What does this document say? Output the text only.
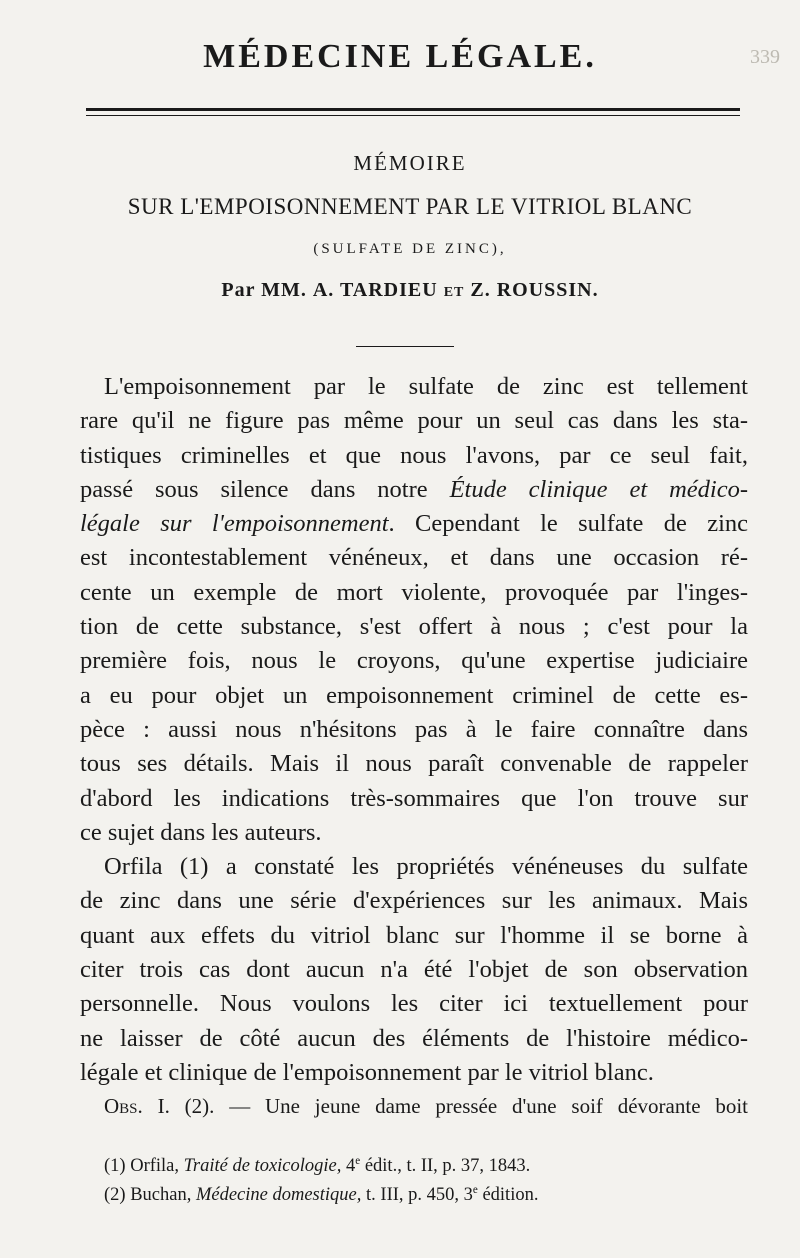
MÉDECINE LÉGALE.	339
MÉMOIRE
SUR L'EMPOISONNEMENT PAR LE VITRIOL BLANC
(SULFATE DE ZINC),
Par MM. A. TARDIEU et Z. ROUSSIN.
L'empoisonnement par le sulfate de zinc est tellement
rare qu'il ne figure pas même pour un seul cas dans les sta-
tistiques criminelles et que nous l'avons, par ce seul fait,
passé sous silence dans notre Étude clinique et médico-
légale sur l'empoisonnement. Cependant le sulfate de zinc
est incontestablement vénéneux, et dans une occasion ré-
cente un exemple de mort violente, provoquée par l'inges-
tion de cette substance, s'est offert à nous ; c'est pour la
première fois, nous le croyons, qu'une expertise judiciaire
a eu pour objet un empoisonnement criminel de cette es-
pèce : aussi nous n'hésitons pas à le faire connaître dans
tous ses détails. Mais il nous paraît convenable de rappeler
d'abord les indications très-sommaires que l'on trouve sur
ce sujet dans les auteurs.
Orfila (1) a constaté les propriétés vénéneuses du sulfate
de zinc dans une série d'expériences sur les animaux. Mais
quant aux effets du vitriol blanc sur l'homme il se borne à
citer trois cas dont aucun n'a été l'objet de son observation
personnelle. Nous voulons les citer ici textuellement pour
ne laisser de côté aucun des éléments de l'histoire médico-
légale et clinique de l'empoisonnement par le vitriol blanc.
Obs. I. (2). — Une jeune dame pressée d'une soif dévorante boit
(1) Orfila, Traité de toxicologie, 4e édit., t. II, p. 37, 1843.
(2) Buchan, Médecine domestique, t. III, p. 450, 3e édition.
